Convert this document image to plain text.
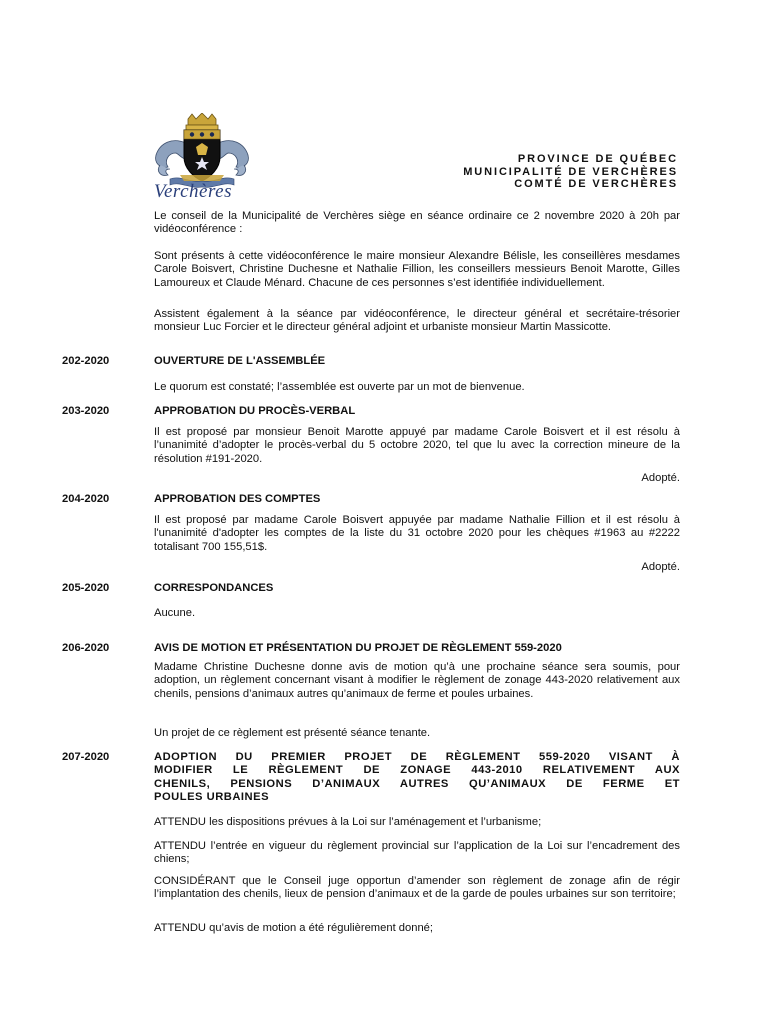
Verchères
PROVINCE DE QUÉBEC
MUNICIPALITÉ DE VERCHÈRES
COMTÉ DE VERCHÈRES
Le conseil de la Municipalité de Verchères siège en séance ordinaire ce 2 novembre 2020 à 20h par vidéoconférence :
Sont présents à cette vidéoconférence le maire monsieur Alexandre Bélisle, les conseillères mesdames Carole Boisvert, Christine Duchesne et Nathalie Fillion, les conseillers messieurs Benoit Marotte, Gilles Lamoureux et Claude Ménard. Chacune de ces personnes s’est identifiée individuellement.
Assistent également à la séance par vidéoconférence, le directeur général et secrétaire-trésorier monsieur Luc Forcier et le directeur général adjoint et urbaniste monsieur Martin Massicotte.
202-2020	OUVERTURE DE L'ASSEMBLÉE
Le quorum est constaté; l’assemblée est ouverte par un mot de bienvenue.
203-2020	APPROBATION DU PROCÈS-VERBAL
Il est proposé par monsieur Benoit Marotte appuyé par madame Carole Boisvert et il est résolu à l’unanimité d’adopter le procès-verbal du 5 octobre 2020, tel que lu avec la correction mineure de la résolution #191-2020.
Adopté.
204-2020	APPROBATION DES COMPTES
Il est proposé par madame Carole Boisvert appuyée par madame Nathalie Fillion et il est résolu à l'unanimité d'adopter les comptes de la liste du 31 octobre 2020 pour les chèques #1963 au #2222 totalisant 700 155,51$.
Adopté.
205-2020	CORRESPONDANCES
Aucune.
206-2020	AVIS DE MOTION ET PRÉSENTATION DU PROJET DE RÈGLEMENT 559-2020
Madame Christine Duchesne donne avis de motion qu’à une prochaine séance sera soumis, pour adoption, un règlement concernant visant à modifier le règlement de zonage 443-2020 relativement aux chenils, pensions d’animaux autres qu’animaux de ferme et poules urbaines.
Un projet de ce règlement est présenté séance tenante.
207-2020	ADOPTION DU PREMIER PROJET DE RÈGLEMENT 559-2020 VISANT À
MODIFIER LE RÈGLEMENT DE ZONAGE 443-2010 RELATIVEMENT AUX
CHENILS, PENSIONS D’ANIMAUX AUTRES QU’ANIMAUX DE FERME ET
POULES URBAINES
ATTENDU les dispositions prévues à la Loi sur l’aménagement et l’urbanisme;
ATTENDU l’entrée en vigueur du règlement provincial sur l’application de la Loi sur l’encadrement des chiens;
CONSIDÉRANT que le Conseil juge opportun d’amender son règlement de zonage afin de régir l’implantation des chenils, lieux de pension d’animaux et de la garde de poules urbaines sur son territoire;
ATTENDU qu’avis de motion a été régulièrement donné;
